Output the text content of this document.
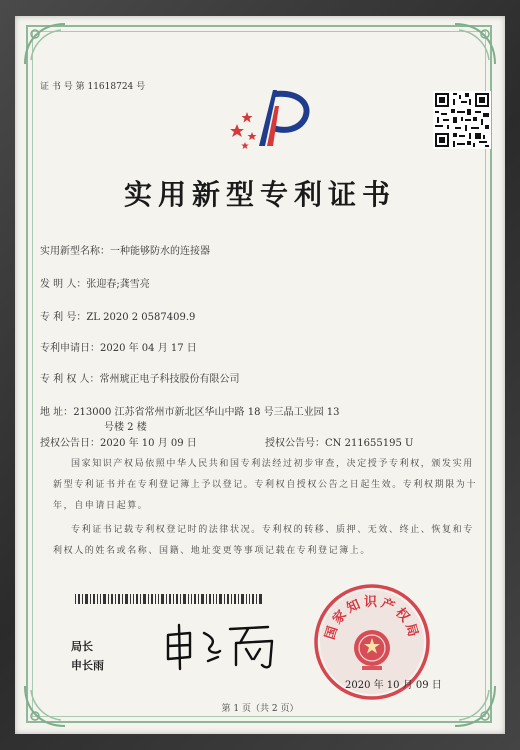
证 书 号 第 11618724 号
实用新型专利证书
实用新型名称：一种能够防水的连接器
发 明 人：张迎春;龚雪亮
专 利 号：ZL 2020 2 0587409.9
专利申请日：2020 年 04 月 17 日
专 利 权 人：常州琥正电子科技股份有限公司
地 址：213000 江苏省常州市新北区华山中路 18 号三晶工业园 13
号楼 2 楼
授权公告日：2020 年 10 月 09 日	授权公告号：CN 211655195 U
国家知识产权局依照中华人民共和国专利法经过初步审查，决定授予专利权，颁发实用
新型专利证书并在专利登记簿上予以登记。专利权自授权公告之日起生效。专利权期限为十
年，自申请日起算。
专利证书记载专利权登记时的法律状况。专利权的转移、质押、无效、终止、恢复和专
利权人的姓名或名称、国籍、地址变更等事项记载在专利登记簿上。
局长
申长雨
国家知识产权局
2020 年 10 月 09 日
第 1 页（共 2 页）
